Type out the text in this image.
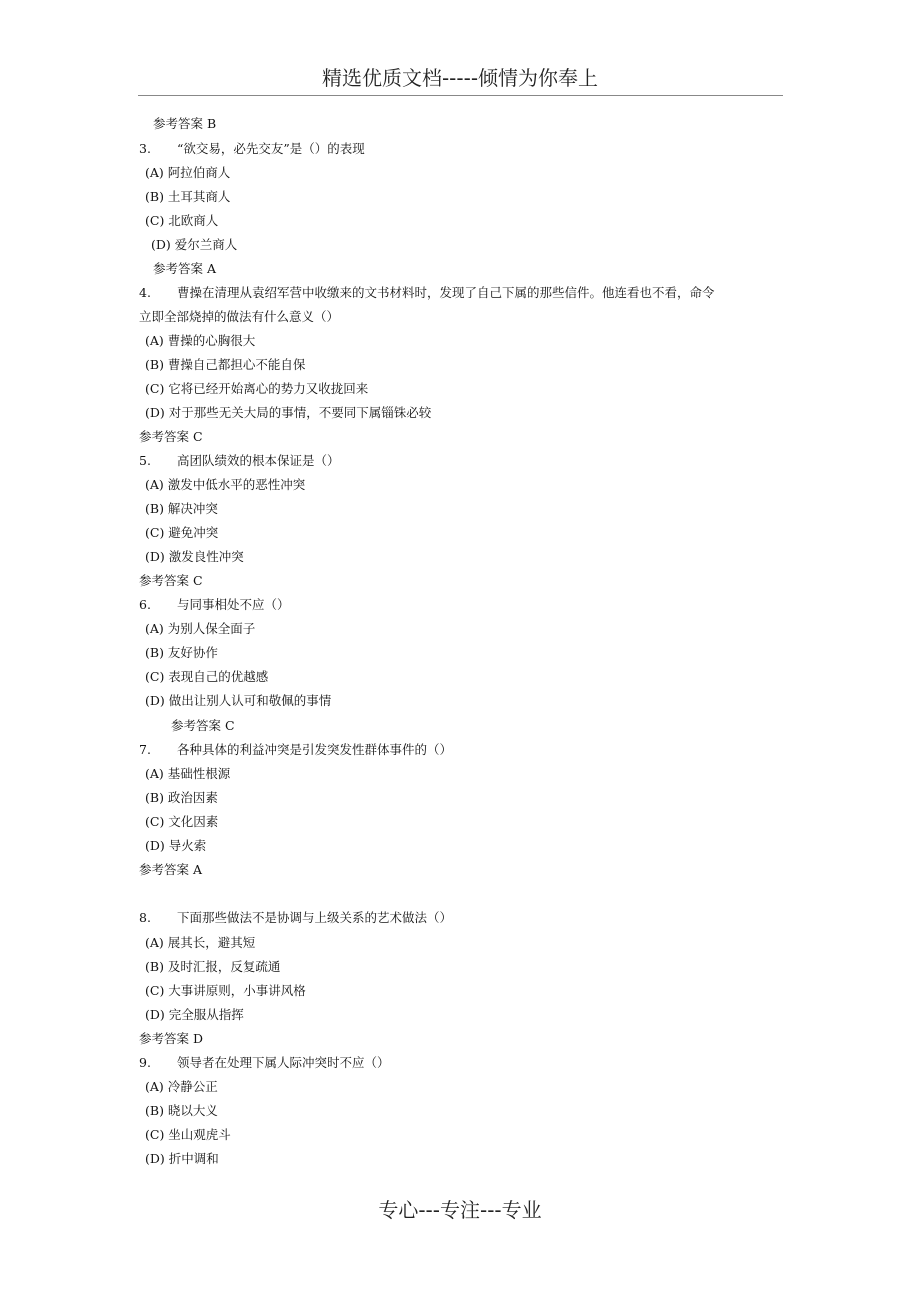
精选优质文档-----倾情为你奉上
参考答案 B
3. “欲交易，必先交友”是（）的表现
(A) 阿拉伯商人
(B) 土耳其商人
(C) 北欧商人
(D) 爱尔兰商人
参考答案 A
4. 曹操在清理从袁绍军营中收缴来的文书材料时，发现了自己下属的那些信件。他连看也不看，命令
立即全部烧掉的做法有什么意义（）
(A) 曹操的心胸很大
(B) 曹操自己都担心不能自保
(C) 它将已经开始离心的势力又收拢回来
(D) 对于那些无关大局的事情，不要同下属锱铢必较
参考答案 C
5. 高团队绩效的根本保证是（）
(A) 激发中低水平的恶性冲突
(B) 解决冲突
(C) 避免冲突
(D) 激发良性冲突
参考答案 C
6. 与同事相处不应（）
(A) 为别人保全面子
(B) 友好协作
(C) 表现自己的优越感
(D) 做出让别人认可和敬佩的事情
参考答案 C
7. 各种具体的利益冲突是引发突发性群体事件的（）
(A) 基础性根源
(B) 政治因素
(C) 文化因素
(D) 导火索
参考答案 A
8. 下面那些做法不是协调与上级关系的艺术做法（）
(A) 展其长，避其短
(B) 及时汇报，反复疏通
(C) 大事讲原则，小事讲风格
(D) 完全服从指挥
参考答案 D
9. 领导者在处理下属人际冲突时不应（）
(A) 冷静公正
(B) 晓以大义
(C) 坐山观虎斗
(D) 折中调和
专心---专注---专业
